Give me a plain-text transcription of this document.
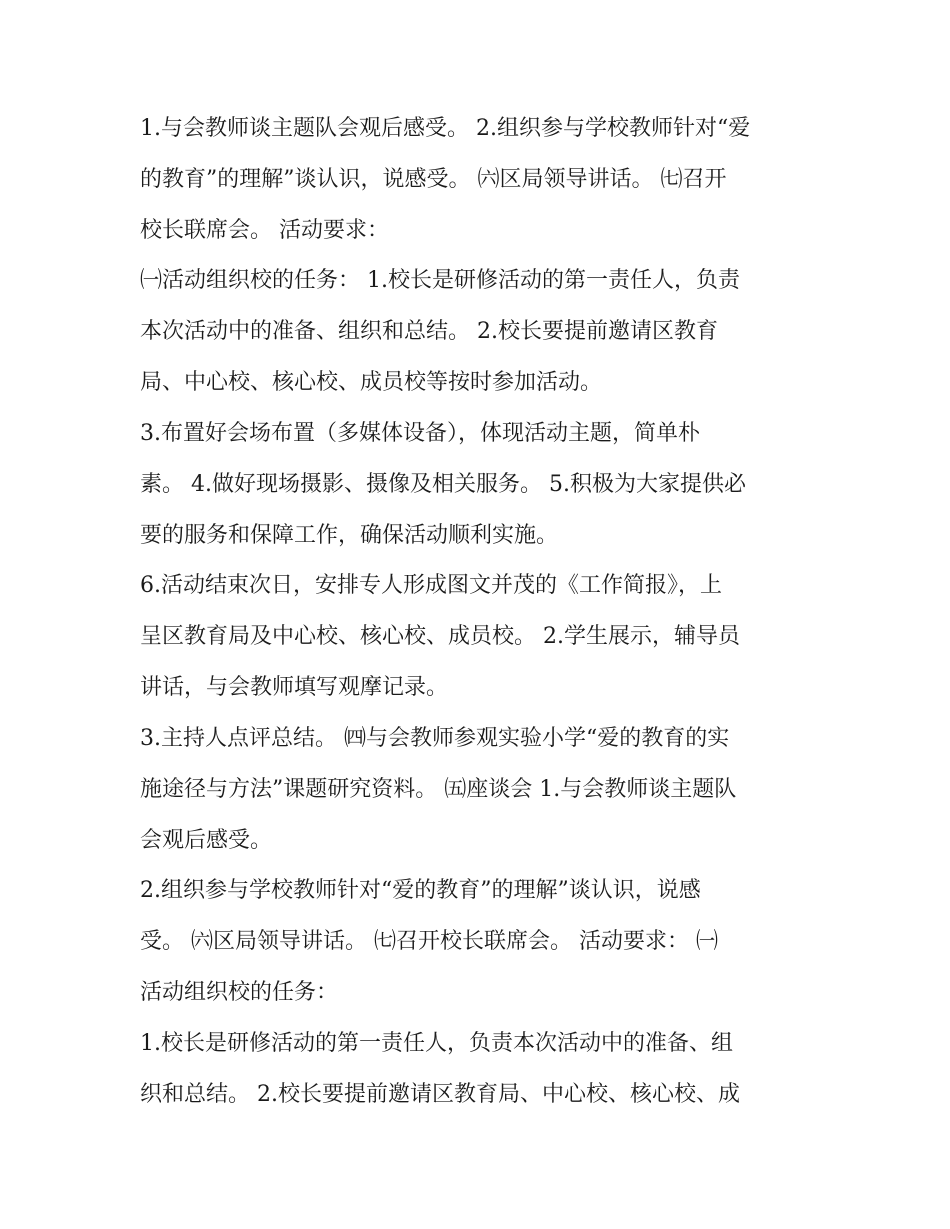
1.与会教师谈主题队会观后感受。 2.组织参与学校教师针对“爱

的教育”的理解”谈认识，说感受。 ㈥区局领导讲话。 ㈦召开

校长联席会。 活动要求：

㈠活动组织校的任务： 1.校长是研修活动的第一责任人，负责

本次活动中的准备、组织和总结。 2.校长要提前邀请区教育

局、中心校、核心校、成员校等按时参加活动。

3.布置好会场布置（多媒体设备），体现活动主题，简单朴

素。 4.做好现场摄影、摄像及相关服务。 5.积极为大家提供必

要的服务和保障工作，确保活动顺利实施。

6.活动结束次日，安排专人形成图文并茂的《工作简报》，上

呈区教育局及中心校、核心校、成员校。 2.学生展示，辅导员

讲话，与会教师填写观摩记录。

3.主持人点评总结。 ㈣与会教师参观实验小学“爱的教育的实

施途径与方法”课题研究资料。 ㈤座谈会 1.与会教师谈主题队

会观后感受。

2.组织参与学校教师针对“爱的教育”的理解”谈认识，说感

受。 ㈥区局领导讲话。 ㈦召开校长联席会。 活动要求： ㈠

活动组织校的任务：

1.校长是研修活动的第一责任人，负责本次活动中的准备、组

织和总结。 2.校长要提前邀请区教育局、中心校、核心校、成
